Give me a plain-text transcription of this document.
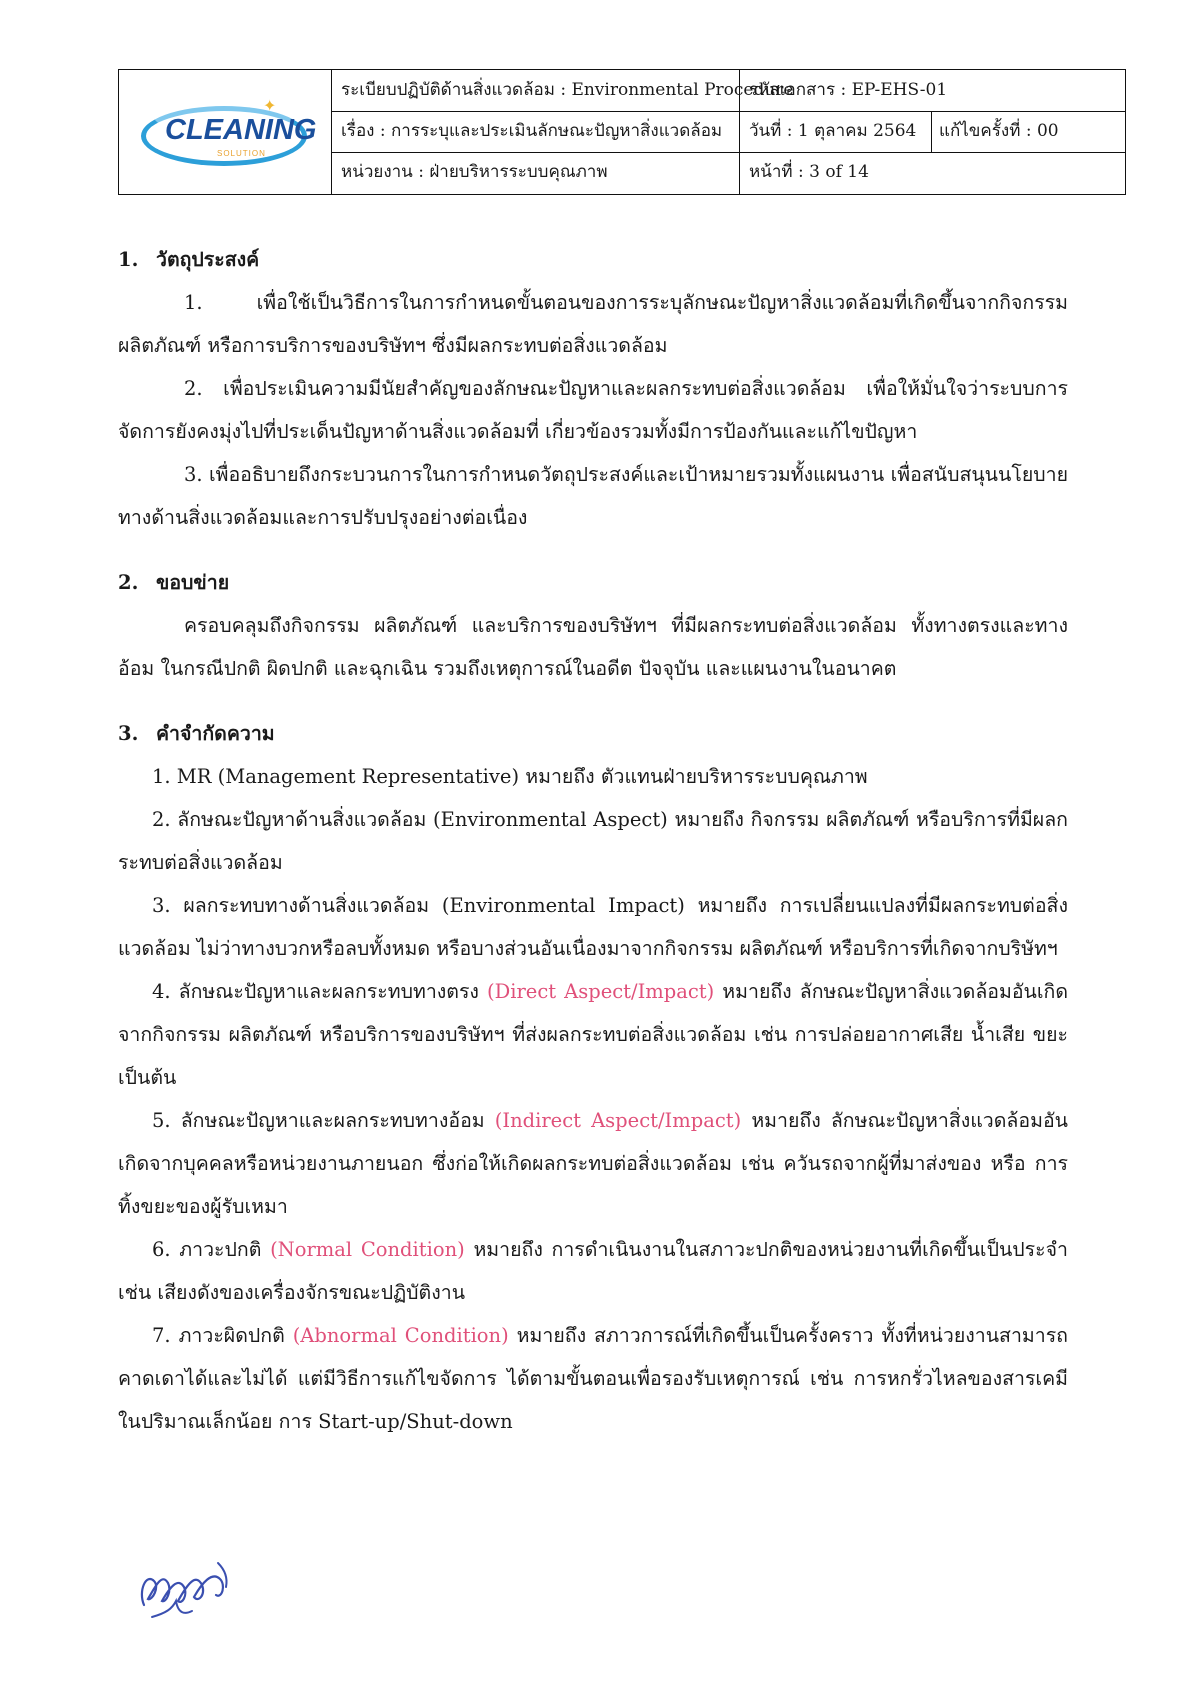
✦
CLEANING
SOLUTION
ระเบียบปฏิบัติด้านสิ่งแวดล้อม : Environmental Procedure
รหัสเอกสาร : EP-EHS-01
เรื่อง : การระบุและประเมินลักษณะปัญหาสิ่งแวดล้อม วันที่ : 1 ตุลาคม 2564 แก้ไขครั้งที่ : 00
หน่วยงาน : ฝ่ายบริหารระบบคุณภาพ	หน้าที่ : 3 of 14
1. วัตถุประสงค์
1. เพื่อใช้เป็นวิธีการในการกำหนดขั้นตอนของการระบุลักษณะปัญหาสิ่งแวดล้อมที่เกิดขึ้นจากกิจกรรม ผลิตภัณฑ์ หรือการบริการของบริษัทฯ ซึ่งมีผลกระทบต่อสิ่งแวดล้อม
2. เพื่อประเมินความมีนัยสำคัญของลักษณะปัญหาและผลกระทบต่อสิ่งแวดล้อม เพื่อให้มั่นใจว่าระบบการจัดการยังคงมุ่งไปที่ประเด็นปัญหาด้านสิ่งแวดล้อมที่ เกี่ยวข้องรวมทั้งมีการป้องกันและแก้ไขปัญหา
3. เพื่ออธิบายถึงกระบวนการในการกำหนดวัตถุประสงค์และเป้าหมายรวมทั้งแผนงาน เพื่อสนับสนุนนโยบายทางด้านสิ่งแวดล้อมและการปรับปรุงอย่างต่อเนื่อง
2. ขอบข่าย
ครอบคลุมถึงกิจกรรม ผลิตภัณฑ์ และบริการของบริษัทฯ ที่มีผลกระทบต่อสิ่งแวดล้อม ทั้งทางตรงและทางอ้อม ในกรณีปกติ ผิดปกติ และฉุกเฉิน รวมถึงเหตุการณ์ในอดีต ปัจจุบัน และแผนงานในอนาคต
3. คำจำกัดความ
1. MR (Management Representative) หมายถึง ตัวแทนฝ่ายบริหารระบบคุณภาพ
2. ลักษณะปัญหาด้านสิ่งแวดล้อม (Environmental Aspect) หมายถึง กิจกรรม ผลิตภัณฑ์ หรือบริการที่มีผลกระทบต่อสิ่งแวดล้อม
3. ผลกระทบทางด้านสิ่งแวดล้อม (Environmental Impact) หมายถึง การเปลี่ยนแปลงที่มีผลกระทบต่อสิ่งแวดล้อม ไม่ว่าทางบวกหรือลบทั้งหมด หรือบางส่วนอันเนื่องมาจากกิจกรรม ผลิตภัณฑ์ หรือบริการที่เกิดจากบริษัทฯ
4. ลักษณะปัญหาและผลกระทบทางตรง (Direct Aspect/Impact) หมายถึง ลักษณะปัญหาสิ่งแวดล้อมอันเกิดจากกิจกรรม ผลิตภัณฑ์ หรือบริการของบริษัทฯ ที่ส่งผลกระทบต่อสิ่งแวดล้อม เช่น การปล่อยอากาศเสีย น้ำเสีย ขยะ เป็นต้น
5. ลักษณะปัญหาและผลกระทบทางอ้อม (Indirect Aspect/Impact) หมายถึง ลักษณะปัญหาสิ่งแวดล้อมอันเกิดจากบุคคลหรือหน่วยงานภายนอก ซึ่งก่อให้เกิดผลกระทบต่อสิ่งแวดล้อม เช่น ควันรถจากผู้ที่มาส่งของ หรือ การทิ้งขยะของผู้รับเหมา
6. ภาวะปกติ (Normal Condition) หมายถึง การดำเนินงานในสภาวะปกติของหน่วยงานที่เกิดขึ้นเป็นประจำ เช่น เสียงดังของเครื่องจักรขณะปฏิบัติงาน
7. ภาวะผิดปกติ (Abnormal Condition) หมายถึง สภาวการณ์ที่เกิดขึ้นเป็นครั้งคราว ทั้งที่หน่วยงานสามารถคาดเดาได้และไม่ได้ แต่มีวิธีการแก้ไขจัดการ ได้ตามขั้นตอนเพื่อรองรับเหตุการณ์ เช่น การหกรั่วไหลของสารเคมีในปริมาณเล็กน้อย การ Start-up/Shut-down
